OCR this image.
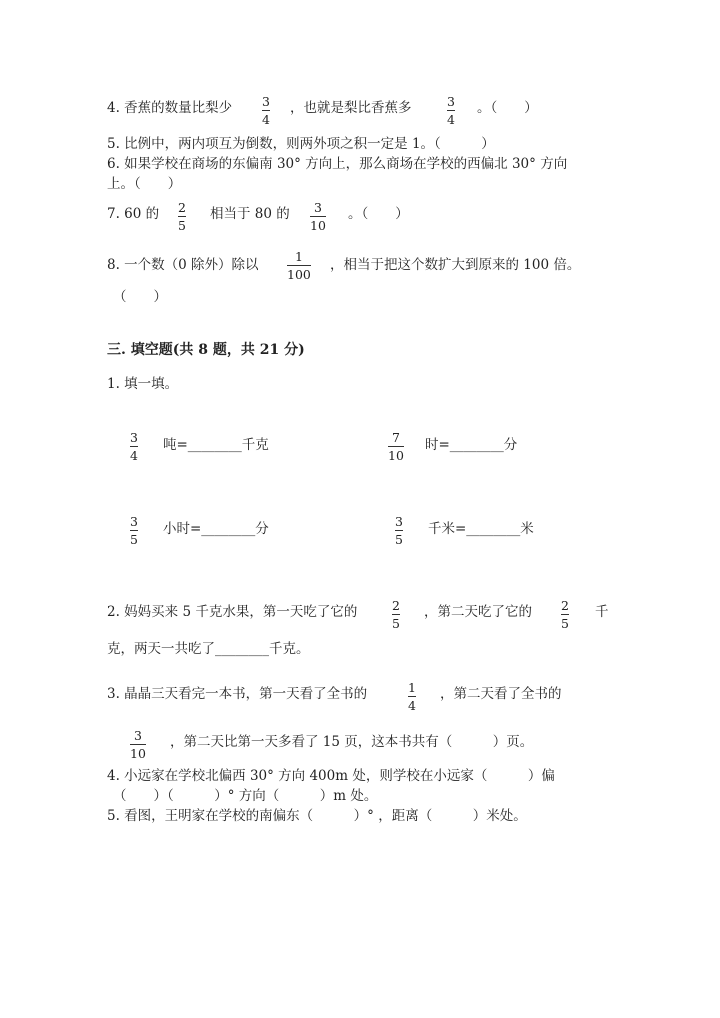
4. 香蕉的数量比梨少 3
4
，也就是梨比香蕉多	3
4
。（　　）
5. 比例中，两内项互为倒数，则两外项之积一定是 1。（　　　）
6. 如果学校在商场的东偏南 30° 方向上，那么商场在学校的西偏北 30° 方向
上。（　　）
7. 60 的 2
5
相当于 80 的 3
10
。（　　）
8. 一个数（0 除外）除以
1
100
，相当于把这个数扩大到原来的 100 倍。
（　　）
三. 填空题(共 8 题，共 21 分)
1. 填一填。
3
4
吨=________千克	7
10
时=________分
3
5
小时=________分	3
5
千米=________米
2. 妈妈买来 5 千克水果，第一天吃了它的	2
5
，第二天吃了它的 2
5
千
克，两天一共吃了________千克。
3. 晶晶三天看完一本书，第一天看了全书的	1
4
，第二天看了全书的
3
10
，第二天比第一天多看了 15 页，这本书共有（　　　）页。
4. 小远家在学校北偏西 30° 方向 400m 处，则学校在小远家（　　　）偏
（　　）（　　　）° 方向（　　　）m 处。
5. 看图，王明家在学校的南偏东（　　　）° ，距离（　　　）米处。
